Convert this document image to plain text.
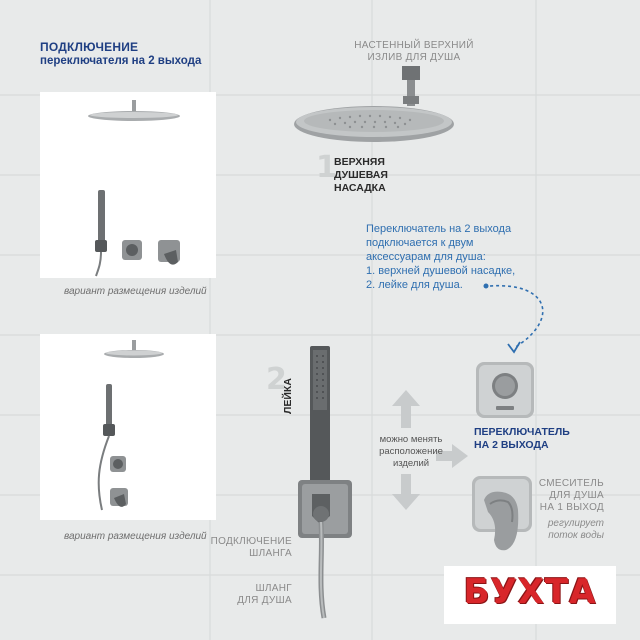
ПОДКЛЮЧЕНИЕ
переключателя на 2 выхода
вариант размещения изделий
вариант размещения изделий
НАСТЕННЫЙ ВЕРХНИЙ
ИЗЛИВ ДЛЯ ДУША
1
ВЕРХНЯЯ
ДУШЕВАЯ
НАСАДКА
Переключатель на 2 выхода
подключается к двум
аксессуарам для душа:
1. верхней душевой насадке,
2. лейке для душа.
2
ЛЕЙКА
ПОДКЛЮЧЕНИЕ
ШЛАНГА
ШЛАНГ
ДЛЯ ДУША
можно менять
расположение
изделий
ПЕРЕКЛЮЧАТЕЛЬ
НА 2 ВЫХОДА
СМЕСИТЕЛЬ
ДЛЯ ДУША
НА 1 ВЫХОД
регулирует
поток воды
БУХТА
